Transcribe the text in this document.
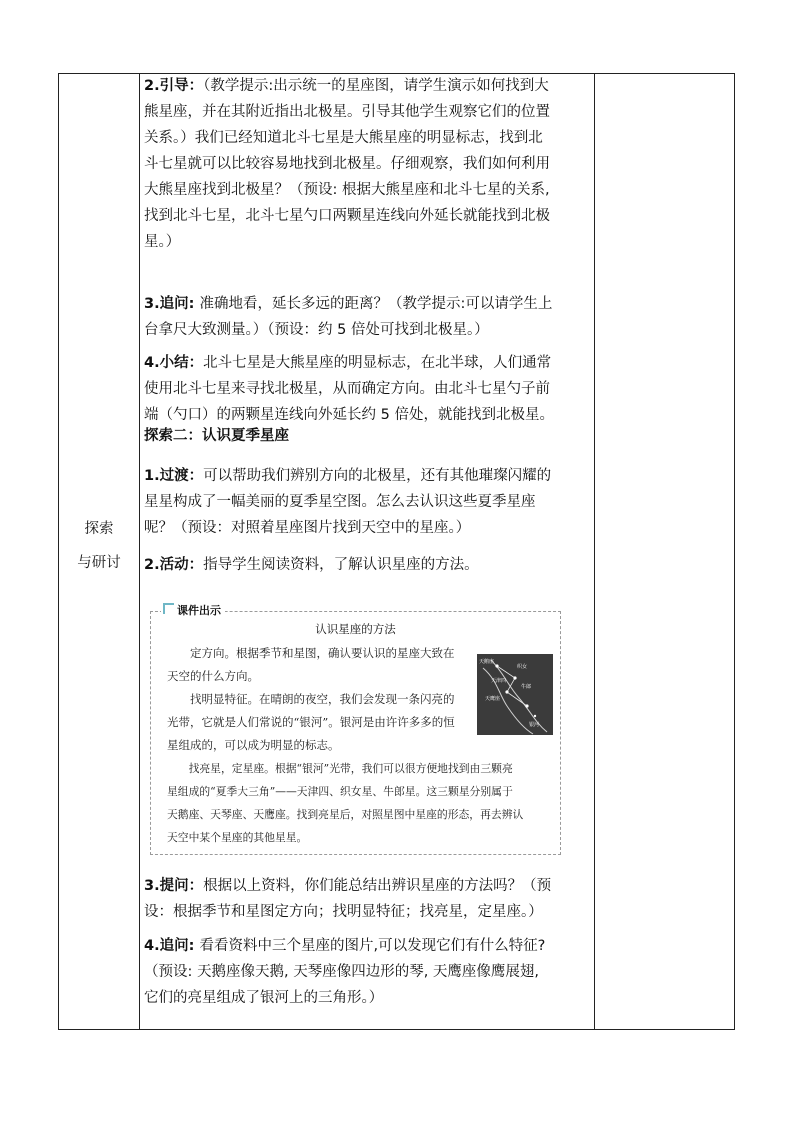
探索
与研讨
2.引导：（教学提示:出示统一的星座图，请学生演示如何找到大
熊星座，并在其附近指出北极星。引导其他学生观察它们的位置
关系。）我们已经知道北斗七星是大熊星座的明显标志，找到北
斗七星就可以比较容易地找到北极星。仔细观察，我们如何利用
大熊星座找到北极星？（预设: 根据大熊星座和北斗七星的关系,
找到北斗七星，北斗七星勺口两颗星连线向外延长就能找到北极
星。）
3.追问: 准确地看，延长多远的距离？（教学提示:可以请学生上
台拿尺大致测量。）（预设：约 5 倍处可找到北极星。）
4.小结：北斗七星是大熊星座的明显标志，在北半球，人们通常
使用北斗七星来寻找北极星，从而确定方向。由北斗七星勺子前
端（勺口）的两颗星连线向外延长约 5 倍处，就能找到北极星。
探索二：认识夏季星座
1.过渡：可以帮助我们辨别方向的北极星，还有其他璀璨闪耀的
星星构成了一幅美丽的夏季星空图。怎么去认识这些夏季星座
呢？（预设：对照着星座图片找到天空中的星座。）
2.活动：指导学生阅读资料，了解认识星座的方法。
3.提问：根据以上资料，你们能总结出辨识星座的方法吗？（预
设：根据季节和星图定方向；找明显特征；找亮星，定星座。）
4.追问: 看看资料中三个星座的图片,可以发现它们有什么特征?
（预设: 天鹅座像天鹅, 天琴座像四边形的琴, 天鹰座像鹰展翅,
它们的亮星组成了银河上的三角形。）
课件出示
认识星座的方法
　　定方向。根据季节和星图，确认要认识的星座大致在
天空的什么方向。
　　找明显特征。在晴朗的夜空，我们会发现一条闪亮的
光带，它就是人们常说的“银河”。银河是由许许多多的恒
星组成的，可以成为明显的标志。
　　找亮星，定星座。根据“银河”光带，我们可以很方便地找到由三颗亮
星组成的“夏季大三角”——天津四、织女星、牛郎星。这三颗星分别属于
天鹅座、天琴座、天鹰座。找到亮星后，对照星图中星座的形态，再去辨认
天空中某个星座的其他星星。
天鹅座
织女
天津四
牛郎
天鹰座
银河
